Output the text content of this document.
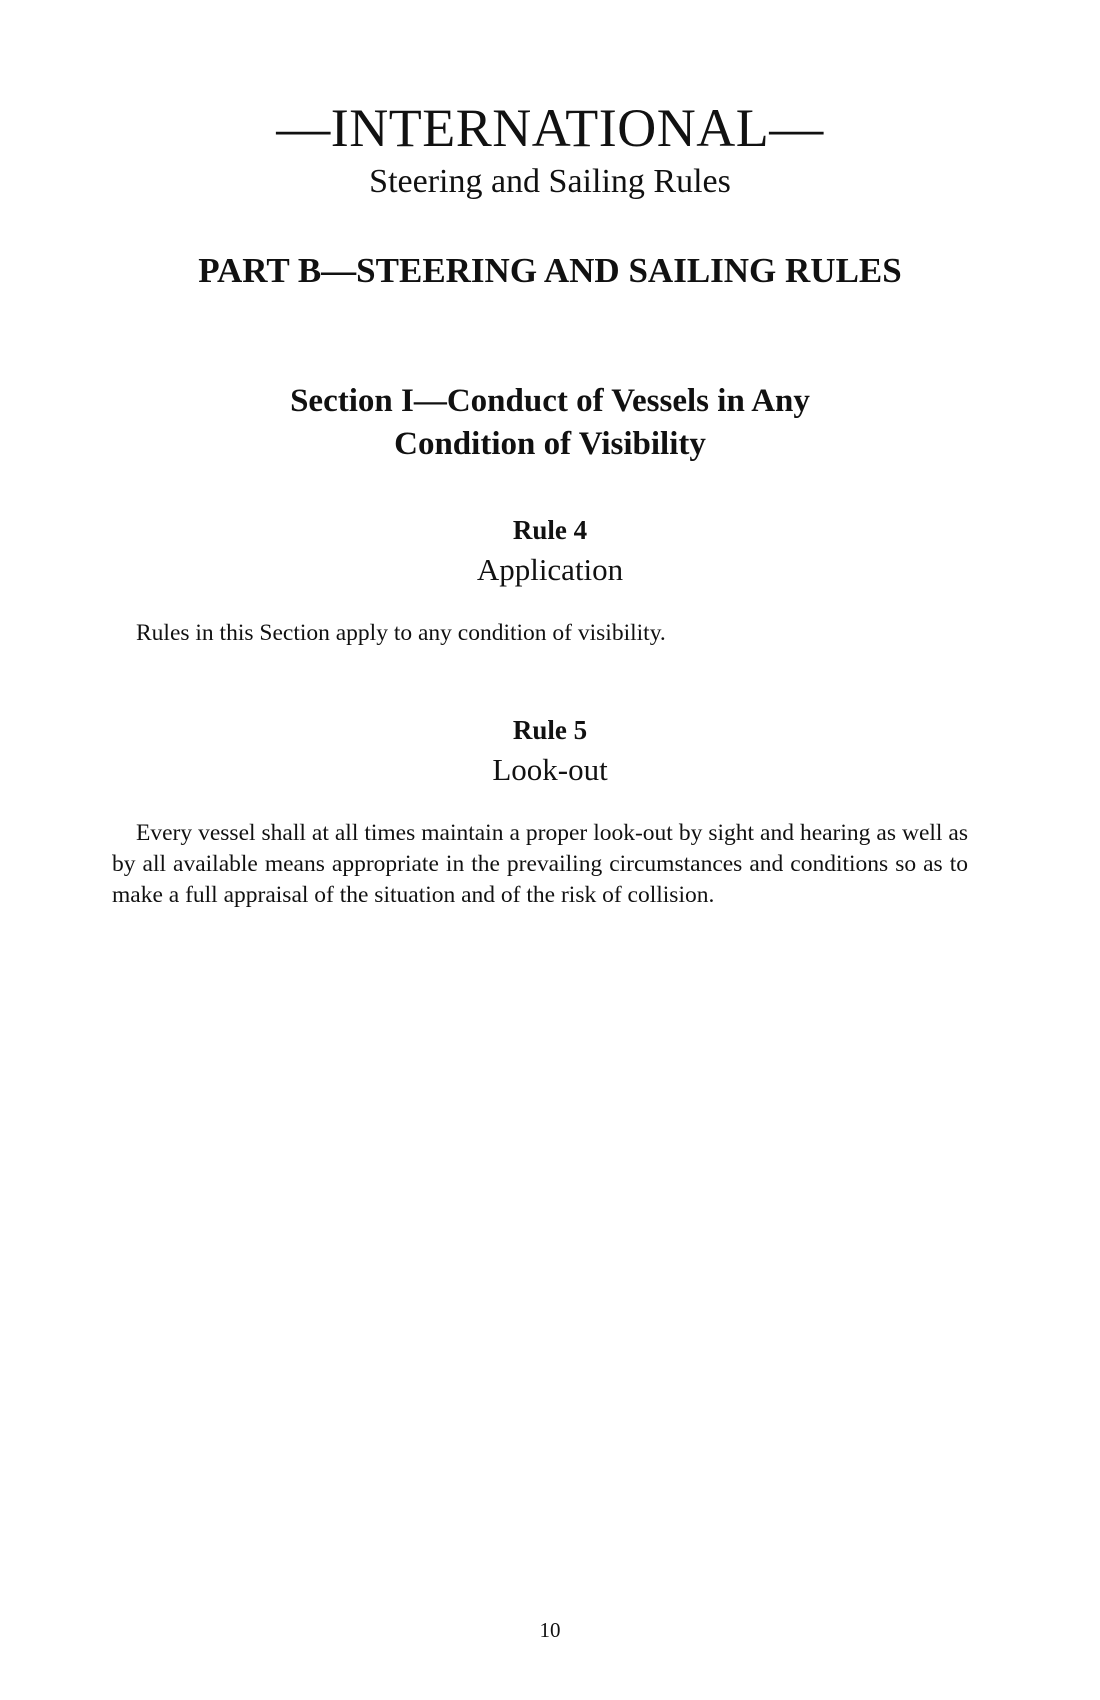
—INTERNATIONAL—
Steering and Sailing Rules
PART B—STEERING AND SAILING RULES
Section I—Conduct of Vessels in Any
Condition of Visibility
Rule 4
Application
Rules in this Section apply to any condition of visibility.
Rule 5
Look-out
Every vessel shall at all times maintain a proper look-out by sight and hearing as well as by all available means appropriate in the prevailing circumstances and conditions so as to make a full appraisal of the situation and of the risk of collision.
10
